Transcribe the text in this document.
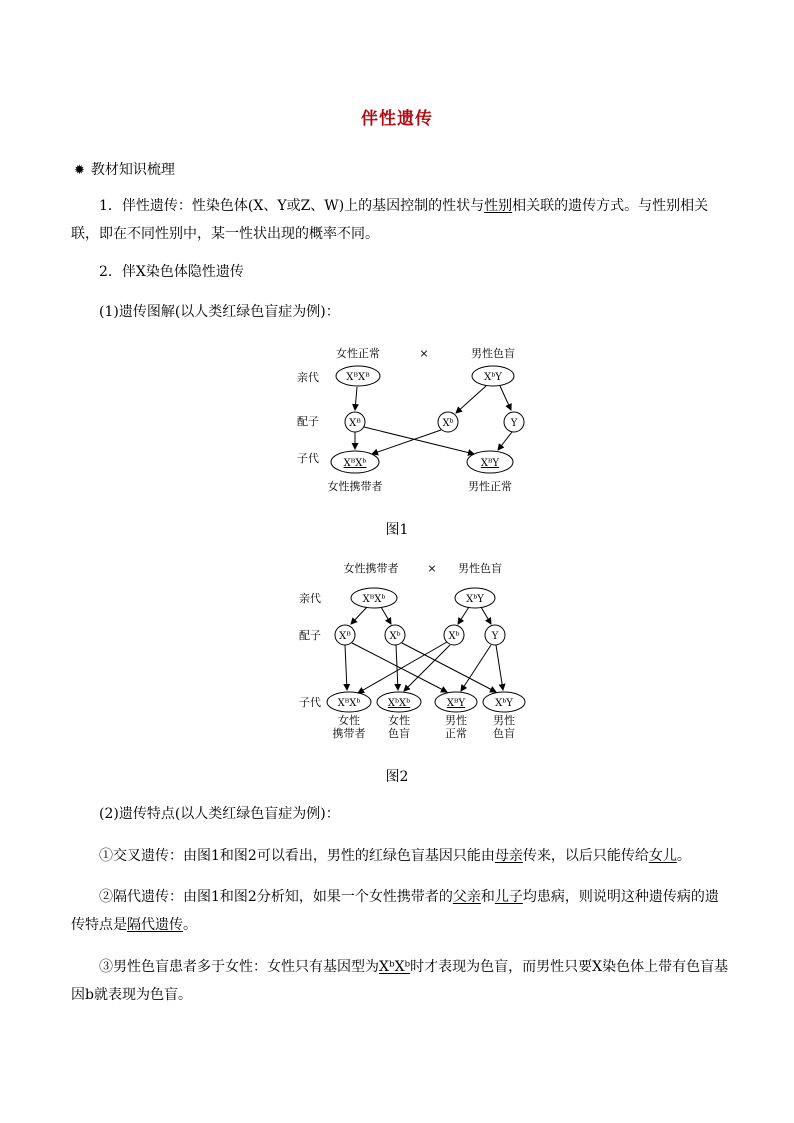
伴性遗传
✹ 教材知识梳理
1．伴性遗传：性染色体(X、Y或Z、W)上的基因控制的性状与性别相关联的遗传方式。与性别相关联，即在不同性别中，某一性状出现的概率不同。
2．伴X染色体隐性遗传
(1)遗传图解(以人类红绿色盲症为例)：
女性正常	×	男性色盲
亲代
配子
子代
XᴮXᴮ	XᵇY
Xᴮ	Xᵇ	Y
XᴮXᵇ	XᴮY
女性携带者	男性正常
图1
女性携带者	× 男性色盲
亲代
配子
子代
XᴮXᵇ	XᵇY
Xᴮ	Xᵇ	Xᵇ	Y
XᴮXᵇ	XᵇXᵇ	XᴮY	XᵇY
女性
携带者
女性
色盲
男性
正常
男性
色盲
图2
(2)遗传特点(以人类红绿色盲症为例)：
①交叉遗传：由图1和图2可以看出，男性的红绿色盲基因只能由母亲传来，以后只能传给女儿。
②隔代遗传：由图1和图2分析知，如果一个女性携带者的父亲和儿子均患病，则说明这种遗传病的遗传特点是隔代遗传。
③男性色盲患者多于女性：女性只有基因型为XᵇXᵇ时才表现为色盲，而男性只要X染色体上带有色盲基因b就表现为色盲。
